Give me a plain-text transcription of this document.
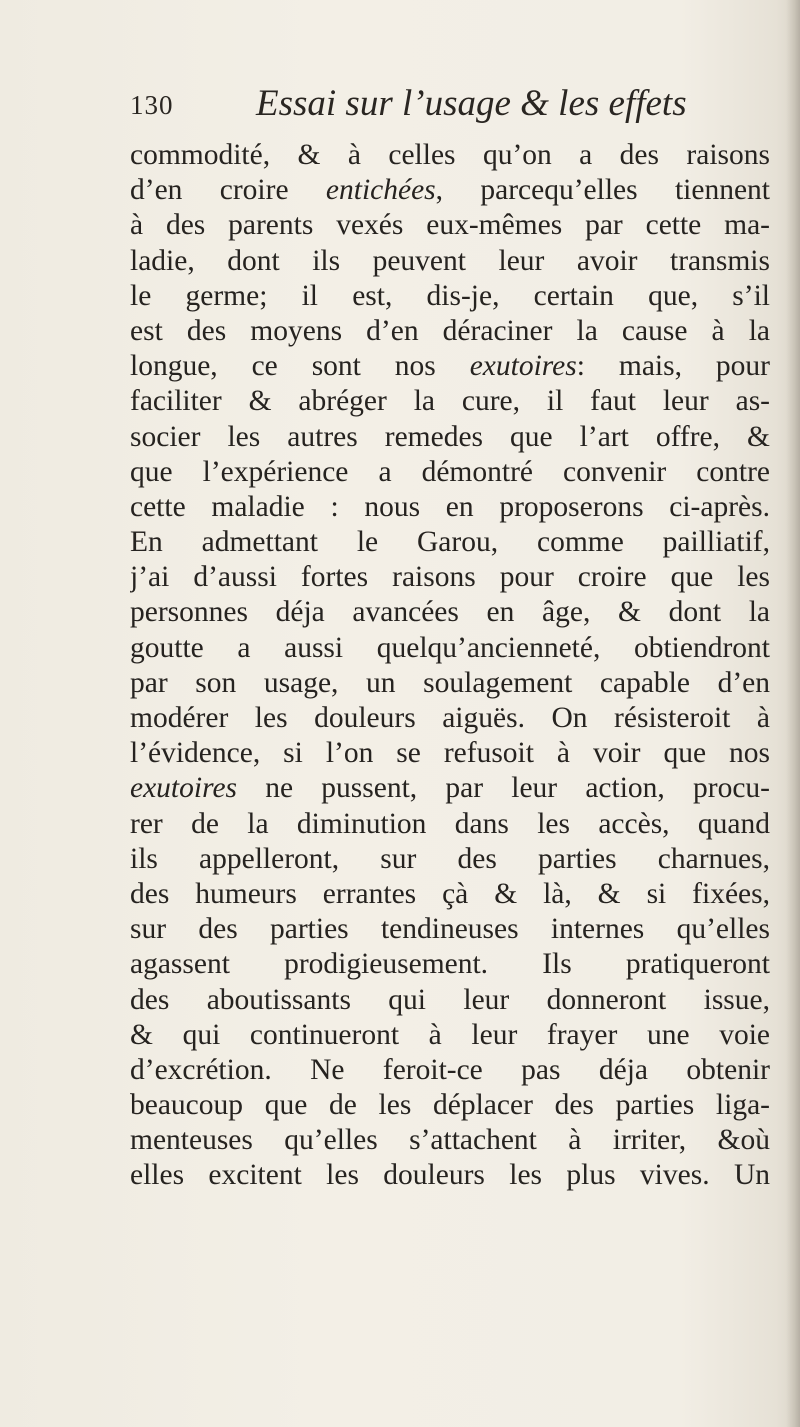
130 Essai sur l’usage & les effets
commodité, & à celles qu’on a des raisons
d’en croire entichées, parcequ’elles tiennent
à des parents vexés eux-mêmes par cette ma-
ladie, dont ils peuvent leur avoir transmis
le germe; il est, dis-je, certain que, s’il
est des moyens d’en déraciner la cause à la
longue, ce sont nos exutoires: mais, pour
faciliter & abréger la cure, il faut leur as-
socier les autres remedes que l’art offre, &
que l’expérience a démontré convenir contre
cette maladie : nous en proposerons ci-après.
En admettant le Garou, comme pailliatif,
j’ai d’aussi fortes raisons pour croire que les
personnes déja avancées en âge, & dont la
goutte a aussi quelqu’ancienneté, obtiendront
par son usage, un soulagement capable d’en
modérer les douleurs aiguës. On résisteroit à
l’évidence, si l’on se refusoit à voir que nos
exutoires ne pussent, par leur action, procu-
rer de la diminution dans les accès, quand
ils appelleront, sur des parties charnues,
des humeurs errantes çà & là, & si fixées,
sur des parties tendineuses internes qu’elles
agassent prodigieusement. Ils pratiqueront
des aboutissants qui leur donneront issue,
& qui continueront à leur frayer une voie
d’excrétion. Ne feroit-ce pas déja obtenir
beaucoup que de les déplacer des parties liga-
menteuses qu’elles s’attachent à irriter, &où
elles excitent les douleurs les plus vives. Un
